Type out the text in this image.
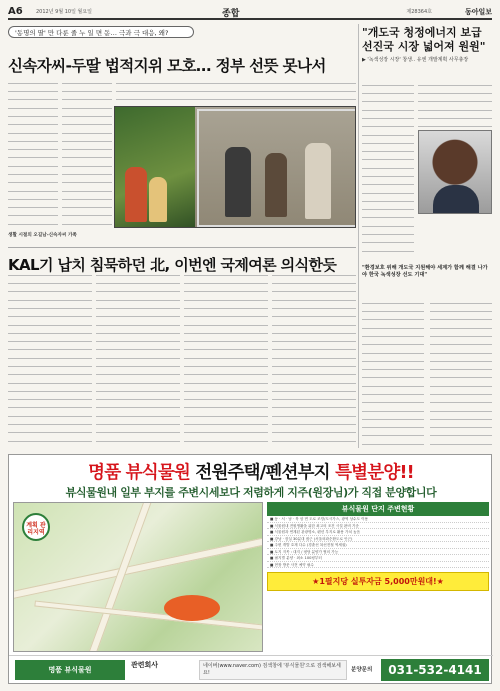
A6	2012년 9월 10일 월요일	종합	제28364호	동아일보
'동명의 딸' 만 다룬 줄 누 일 면 돋… 극과 극 대응, 왜?
신속자씨-두딸 법적지위 모호… 정부 선뜻 못나서
생활 시절의 오길남-신숙자씨 가족
KAL기 납치 침묵하던 北, 이번엔 국제여론 의식한듯
"개도국 청정에너지 보급 선진국 시장 넓어져 원원"
▶ '녹색성장 시장' 창생.. 유엔 개발계획 사무총장
"환경보호 위해 개도국 지원해야 세계가 함께 해결 나가야 한국 녹색성장 선도 기대"
명품 뷰식물원 전원주택/펜션부지 특별분양!!
뷰식물원내 일부 부지를 주변시세보다 저렴하게 지주(원장님)가 직접 분양합니다
계획 관리지역
뷰식물원 단지 주변현황
■ 동 · 서 · 남 · 북 삼 면 도로 조망/도시가스, 광역 상수도 이용
■ 식물원내 전원생활을 위한 최고의 조건 시설 완비 기준
■ 식물원과 연계된 관광명소, 펜션 부지로 활용 가치 높음
■ 강남 · 잠실 30분대 접근 (서울외곽순환도로 인근)
■ 주변 개발 호재 다수 (경춘선 복선전철 역세권)
■ 토지 지목 : 대지 / 평당 분양가 협의 가능
■ 필지별 분양 · 최소 100평부터
■ 현장 방문 사전 예약 필수
★1필지당 실투자금 5,000만원대!★
명품 뷰식물원
관련회사	네이버(www.naver.com) 검색창에 '뷰식물원'으로 검색해보세요!	분양문의	031-532-4141
